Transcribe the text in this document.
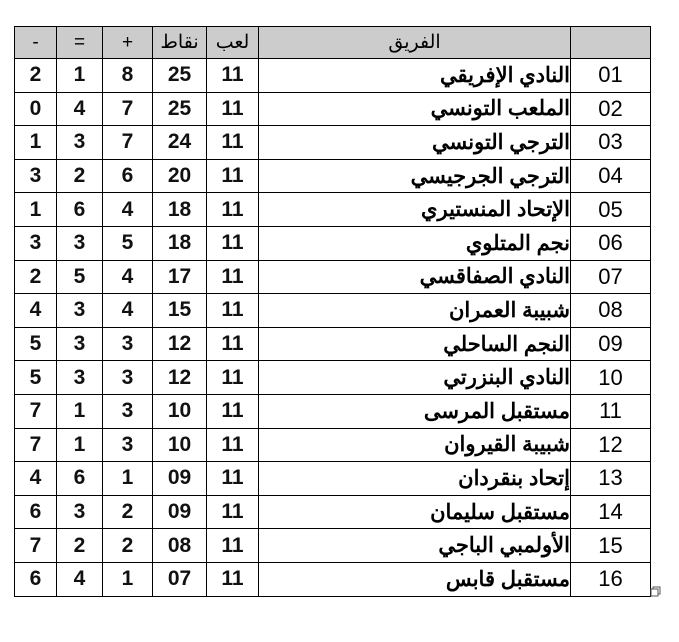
-	=	+	نقاط	لعب	الفريق	
2	1	8	25	11	النادي الإفريقي	01
0	4	7	25	11	الملعب التونسي	02
1	3	7	24	11	الترجي التونسي	03
3	2	6	20	11	الترجي الجرجيسي	04
1	6	4	18	11	الإتحاد المنستيري	05
3	3	5	18	11	نجم المتلوي	06
2	5	4	17	11	النادي الصفاقسي	07
4	3	4	15	11	شبيبة العمران	08
5	3	3	12	11	النجم الساحلي	09
5	3	3	12	11	النادي البنزرتي	10
7	1	3	10	11	مستقبل المرسى	11
7	1	3	10	11	شبيبة القيروان	12
4	6	1	09	11	إتحاد بنقردان	13
6	3	2	09	11	مستقبل سليمان	14
7	2	2	08	11	الأولمبي الباجي	15
6	4	1	07	11	مستقبل قابس	16
